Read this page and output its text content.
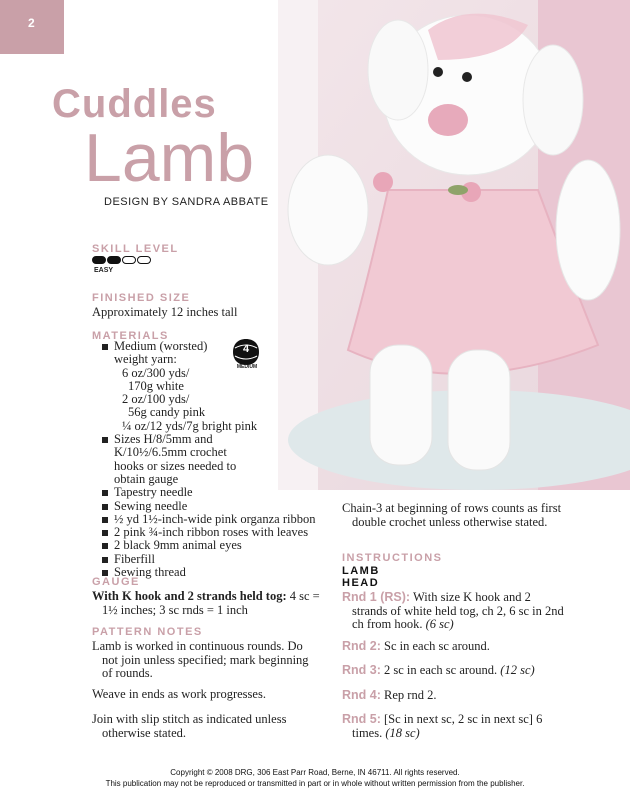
2
Cuddles
Lamb
DESIGN BY SANDRA ABBATE
SKILL LEVEL
EASY
FINISHED SIZE
Approximately 12 inches tall
MATERIALS
4
MEDIUM
Medium (worsted)
weight yarn:
6 oz/300 yds/
170g white
2 oz/100 yds/
56g candy pink
¼ oz/12 yds/7g bright pink
Sizes H/8/5mm and
K/10½/6.5mm crochet
hooks or sizes needed to
obtain gauge
Tapestry needle
Sewing needle
½ yd 1½-inch-wide pink organza ribbon
2 pink ¾-inch ribbon roses with leaves
2 black 9mm animal eyes
Fiberfill
Sewing thread
GAUGE
With K hook and 2 strands held tog: 4 sc = 1½ inches; 3 sc rnds = 1 inch
PATTERN NOTES
Lamb is worked in continuous rounds. Do not join unless specified; mark beginning of rounds.
Weave in ends as work progresses.
Join with slip stitch as indicated unless otherwise stated.
Chain-3 at beginning of rows counts as first double crochet unless otherwise stated.
INSTRUCTIONS
LAMB
HEAD
Rnd 1 (RS): With size K hook and 2 strands of white held tog, ch 2, 6 sc in 2nd ch from hook. (6 sc)
Rnd 2: Sc in each sc around.
Rnd 3: 2 sc in each sc around. (12 sc)
Rnd 4: Rep rnd 2.
Rnd 5: [Sc in next sc, 2 sc in next sc] 6 times. (18 sc)
Copyright © 2008 DRG, 306 East Parr Road, Berne, IN 46711. All rights reserved.
This publication may not be reproduced or transmitted in part or in whole without written permission from the publisher.
